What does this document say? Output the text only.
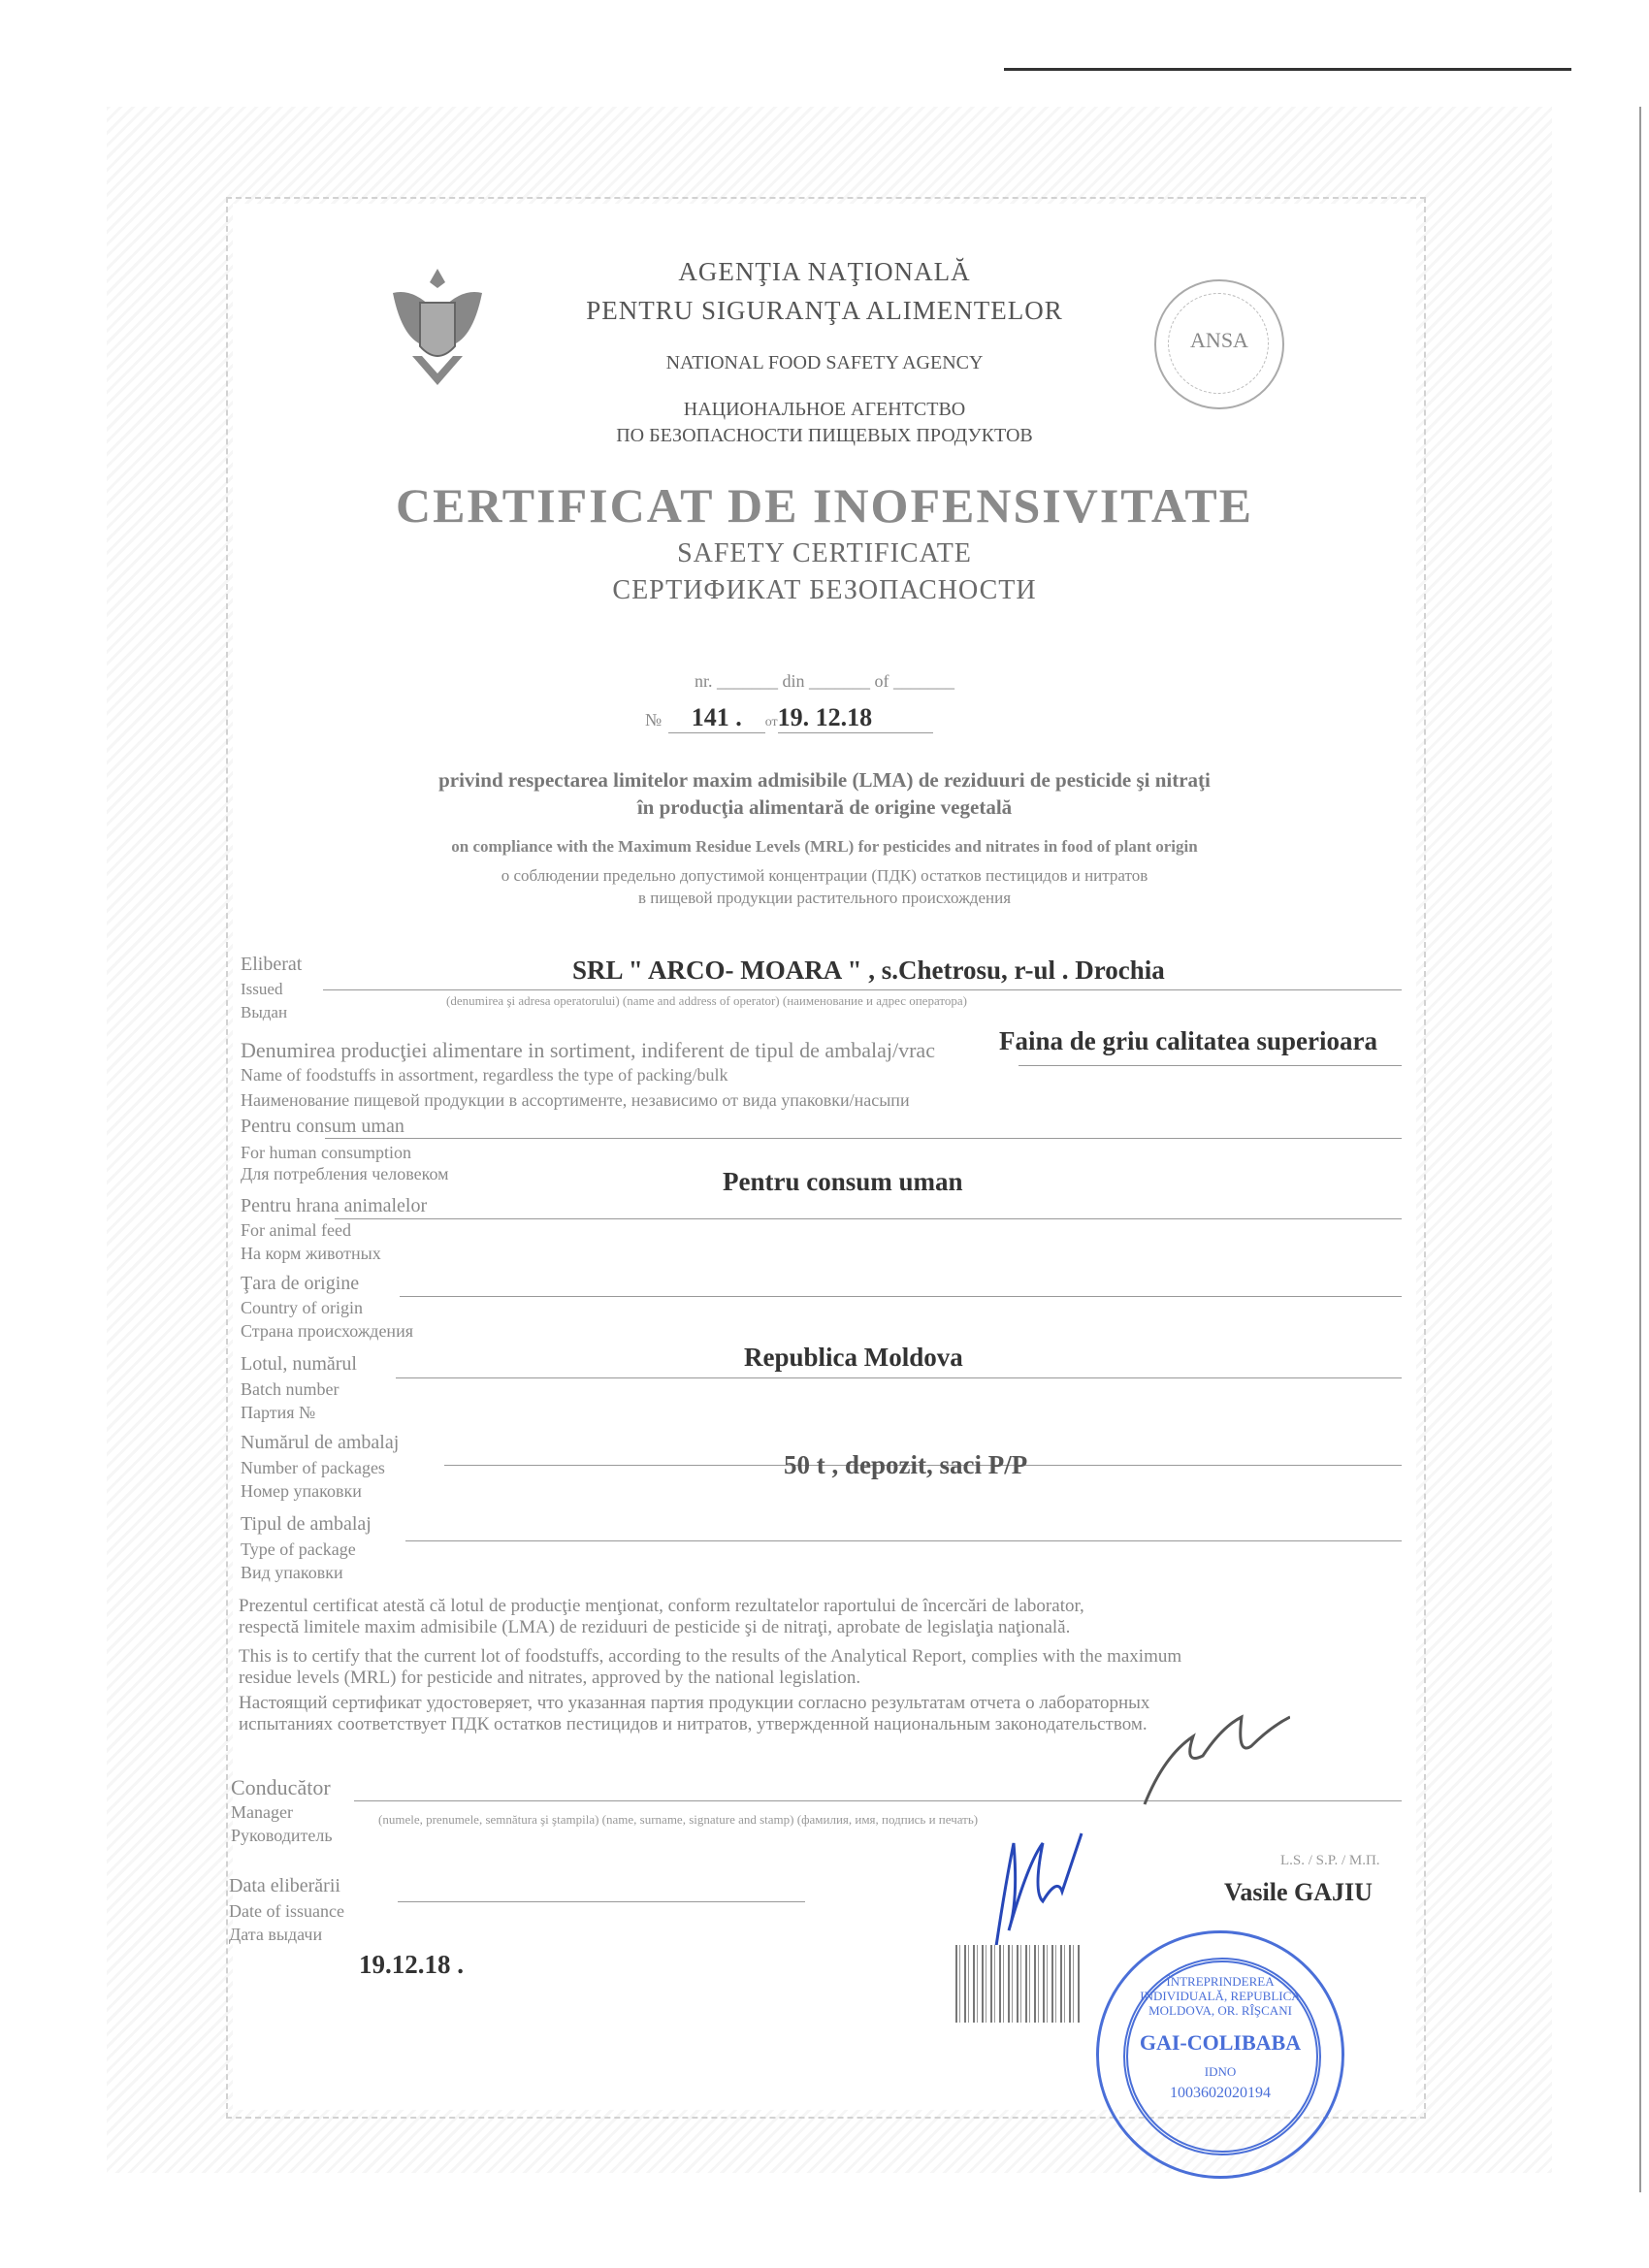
AGENŢIA NAŢIONALĂ
PENTRU SIGURANŢA ALIMENTELOR
NATIONAL FOOD SAFETY AGENCY
НАЦИОНАЛЬНОЕ АГЕНТСТВО
ПО БЕЗОПАСНОСТИ ПИЩЕВЫХ ПРОДУКТОВ
ANSA
CERTIFICAT DE INOFENSIVITATE
SAFETY CERTIFICATE
СЕРТИФИКАТ БЕЗОПАСНОСТИ
nr. _______ din _______ of _______
№ 141 . от19. 12.18
privind respectarea limitelor maxim admisibile (LMA) de reziduuri de pesticide şi nitraţi
în producţia alimentară de origine vegetală
on compliance with the Maximum Residue Levels (MRL) for pesticides and nitrates in food of plant origin
о соблюдении предельно допустимой концентрации (ПДК) остатков пестицидов и нитратов
в пищевой продукции растительного происхождения
Eliberat
Issued
Выдан
SRL " ARCO- MOARA " , s.Chetrosu, r-ul . Drochia
(denumirea şi adresa operatorului) (name and address of operator) (наименование и адрес оператора)
Denumirea producţiei alimentare in sortiment, indiferent de tipul de ambalaj/vrac
Name of foodstuffs in assortment, regardless the type of packing/bulk
Наименование пищевой продукции в ассортименте, независимо от вида упаковки/насыпи
Faina de griu calitatea superioara
Pentru consum uman
For human consumption
Для потребления человеком	Pentru consum uman
Pentru hrana animalelor
For animal feed
На корм животных
Ţara de origine
Country of origin
Страна происхождения
Republica Moldova
Lotul, numărul
Batch number
Партия №
Numărul de ambalaj
Number of packages
Номер упаковки
50 t , depozit, saci P/P
Tipul de ambalaj
Type of package
Вид упаковки
Prezentul certificat atestă că lotul de producţie menţionat, conform rezultatelor raportului de încercări de laborator,
respectă limitele maxim admisibile (LMA) de reziduuri de pesticide şi de nitraţi, aprobate de legislaţia naţională.
This is to certify that the current lot of foodstuffs, according to the results of the Analytical Report, complies with the maximum
residue levels (MRL) for pesticide and nitrates, approved by the national legislation.
Настоящий сертификат удостоверяет, что указанная партия продукции согласно результатам отчета о лабораторных
испытаниях соответствует ПДК остатков пестицидов и нитратов, утвержденной национальным законодательством.
Conducător
Manager
Руководитель
(numele, prenumele, semnătura şi ştampila) (name, surname, signature and stamp) (фамилия, имя, подпись и печать)
L.S. / S.P. / М.П.
Vasile GAJIU
Data eliberării
Date of issuance
Дата выдачи
19.12.18 .
ÎNTREPRINDEREA INDIVIDUALĂ, REPUBLICA MOLDOVA, OR. RÎŞCANI
GAI-COLIBABA
IDNO
1003602020194
